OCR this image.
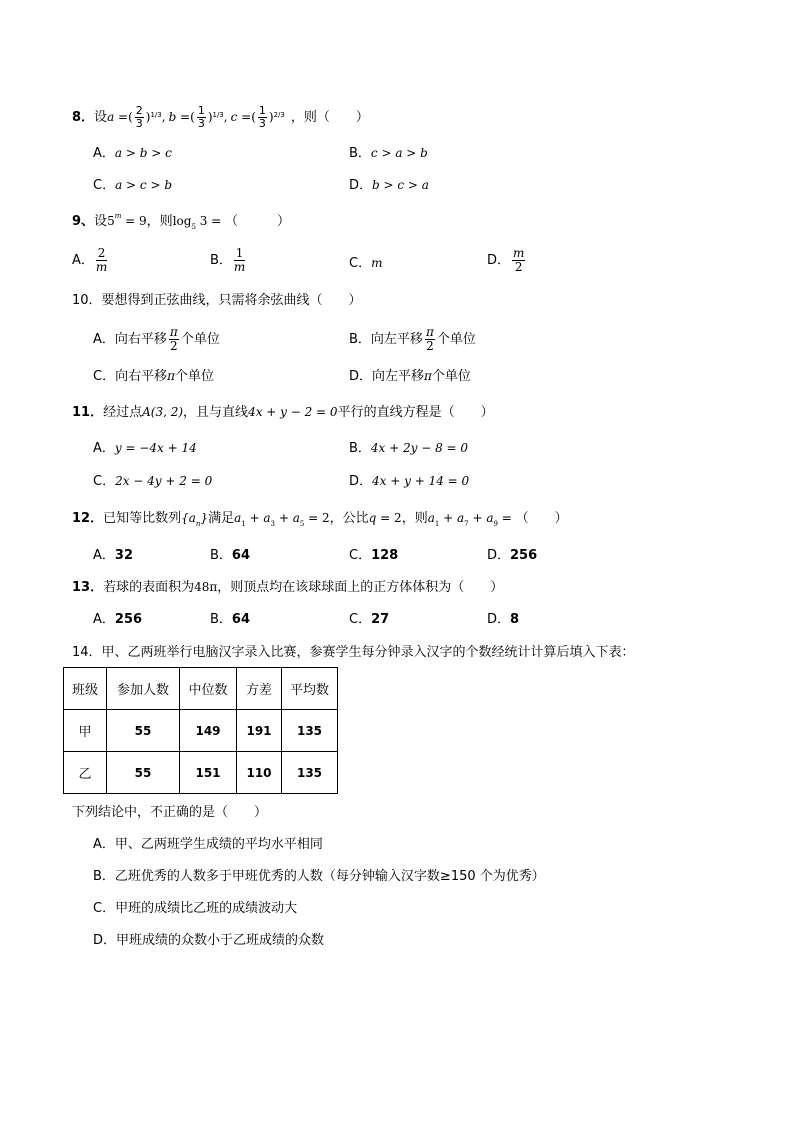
8． 设 a = ( $\frac{2}{3}$ ) 1/3 , b = ( $\frac{1}{3}$ ) 1/3 , c = ( $\frac{1}{3}$ ) 2/3 ，则（　　）
A．a > b > c	B．c > a > b
C．a > c > b	D．b > c > a
9、设$5^m = 9$，则$\log_5 3$ = （　　　）
A． $\frac{2}{m}$	B． $\frac{1}{m}$	C．m	D． $\frac{m}{2}$
10．要想得到正弦曲线，只需将余弦曲线（　　）
A． 向右平移 $\frac{\pi}{2}$ 个单位	B． 向左平移 $\frac{\pi}{2}$ 个单位
C．向右平移π个单位	D．向左平移π个单位
11．经过点A(3, 2)，且与直线4x + y − 2 = 0平行的直线方程是（　　）
A．y = −4x + 14	B．4x + 2y − 8 = 0
C．2x − 4y + 2 = 0	D．4x + y + 14 = 0
12．已知等比数列$\{a_n\}$满足$a_1 + a_3 + a_5 = 2$，公比q = 2，则$a_1 + a_7 + a_9$ = （　　）
A．32	B．64	C．128	D．256
13．若球的表面积为48π，则顶点均在该球球面上的正方体体积为（　　）
A．256	B．64	C．27	D．8
14．甲、乙两班举行电脑汉字录入比赛，参赛学生每分钟录入汉字的个数经统计计算后填入下表：
班级	参加人数	中位数	方差	平均数
甲	55	149	191	135
乙	55	151	110	135
下列结论中，不正确的是（　　）
A．甲、乙两班学生成绩的平均水平相同
B．乙班优秀的人数多于甲班优秀的人数（每分钟输入汉字数≥150 个为优秀）
C．甲班的成绩比乙班的成绩波动大
D．甲班成绩的众数小于乙班成绩的众数
